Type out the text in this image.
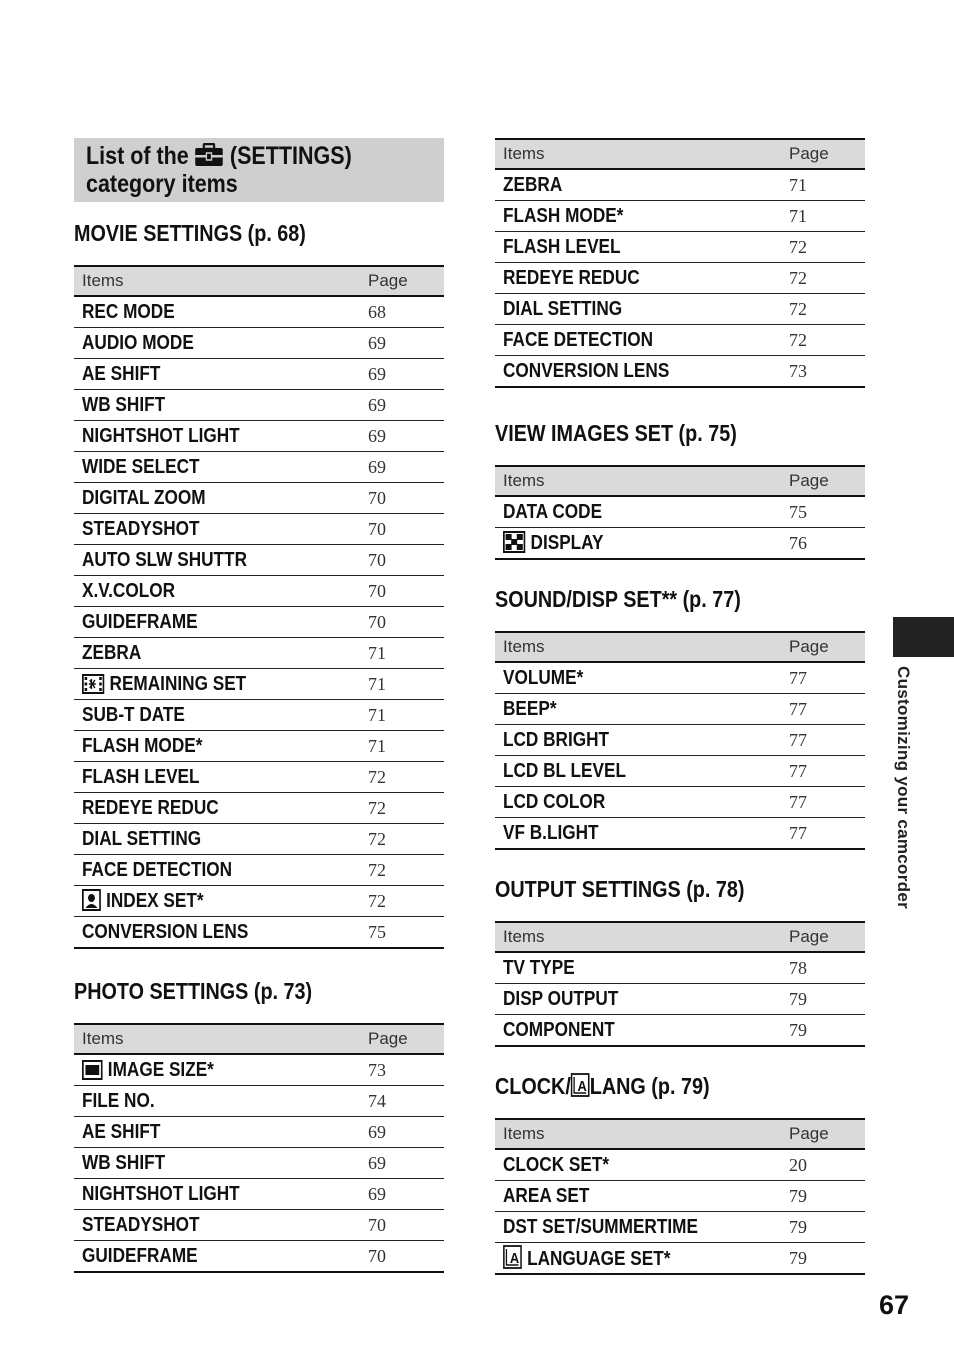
List of the (SETTINGS)
category items
MOVIE SETTINGS (p. 68)
Items	Page
REC MODE	68
AUDIO MODE	69
AE SHIFT	69
WB SHIFT	69
NIGHTSHOT LIGHT	69
WIDE SELECT	69
DIGITAL ZOOM	70
STEADYSHOT	70
AUTO SLW SHUTTR	70
X.V.COLOR	70
GUIDEFRAME	70
ZEBRA	71
REMAINING SET	71
SUB-T DATE	71
FLASH MODE*	71
FLASH LEVEL	72
REDEYE REDUC	72
DIAL SETTING	72
FACE DETECTION	72
INDEX SET*	72
CONVERSION LENS	75
PHOTO SETTINGS (p. 73)
Items	Page
IMAGE SIZE*	73
FILE NO.	74
AE SHIFT	69
WB SHIFT	69
NIGHTSHOT LIGHT	69
STEADYSHOT	70
GUIDEFRAME	70
Items	Page
ZEBRA	71
FLASH MODE*	71
FLASH LEVEL	72
REDEYE REDUC	72
DIAL SETTING	72
FACE DETECTION	72
CONVERSION LENS	73
VIEW IMAGES SET (p. 75)
Items	Page
DATA CODE	75
DISPLAY	76
SOUND/DISP SET** (p. 77)
Items	Page
VOLUME*	77
BEEP*	77
LCD BRIGHT	77
LCD BL LEVEL	77
LCD COLOR	77
VF B.LIGHT	77
OUTPUT SETTINGS (p. 78)
Items	Page
TV TYPE	78
DISP OUTPUT	79
COMPONENT	79
CLOCK/ A LANG (p. 79)
Items	Page
CLOCK SET*	20
AREA SET	79
DST SET/SUMMERTIME	79

A LANGUAGE SET*	79
Customizing your camcorder
67
